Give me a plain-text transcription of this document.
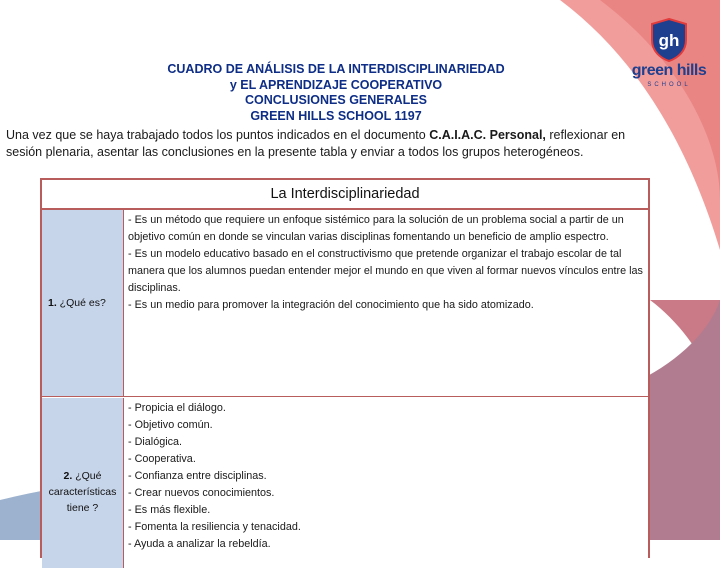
gh
green hills
SCHOOL
CUADRO DE ANÁLISIS DE LA INTERDISCIPLINARIEDAD
y EL APRENDIZAJE COOPERATIVO
CONCLUSIONES GENERALES
GREEN HILLS SCHOOL 1197
Una vez que se haya trabajado todos los puntos indicados en el documento C.A.I.A.C. Personal, reflexionar en sesión plenaria, asentar las conclusiones en la presente tabla y enviar a todos los grupos heterogéneos.
La Interdisciplinariedad
1. ¿Qué es?

- Es un método que requiere un enfoque sistémico para la solución de un problema social a partir de un objetivo común en donde se vinculan varias disciplinas fomentando un beneficio de amplio espectro.

- Es un modelo educativo basado en el constructivismo que pretende organizar el trabajo escolar de tal manera que los alumnos puedan entender mejor el mundo en que viven al formar nuevos vínculos entre las disciplinas.

- Es un medio para promover la integración del conocimiento que ha sido atomizado.

2. ¿Qué características tiene ?

- Propicia el diálogo.

- Objetivo común.

- Dialógica.

- Cooperativa.

- Confianza entre disciplinas.

- Crear nuevos conocimientos.

- Es más flexible.

- Fomenta la resiliencia y tenacidad.

- Ayuda a analizar la rebeldía.
